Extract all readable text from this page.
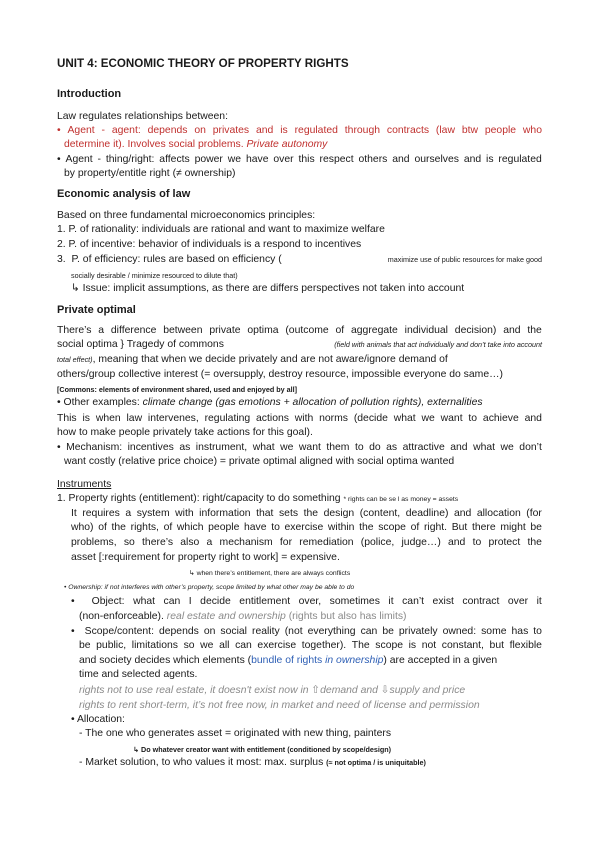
UNIT 4: ECONOMIC THEORY OF PROPERTY RIGHTS
Introduction
Law regulates relationships between:
• Agent - agent: depends on privates and is regulated through contracts (law btw people who
determine it). Involves social problems. Private autonomy
• Agent - thing/right: affects power we have over this respect others and ourselves and is regulated
by property/entitle right (≠ ownership)
Economic analysis of law
Based on three fundamental microeconomics principles:
1. P. of rationality: individuals are rational and want to maximize welfare
2. P. of incentive: behavior of individuals is a respond to incentives
3.  P. of efficiency: rules are based on efficiency (	maximize use of public resources for make good
socially desirable / minimize resourced to dilute that)
↳ Issue: implicit assumptions, as there are differs perspectives not taken into account
Private optimal
There’s a difference between private optima (outcome of aggregate individual decision) and the
social optima } Tragedy of commons	(field with animals that act individually and don’t take into account
total effect), meaning that when we decide privately and are not aware/ignore demand of
others/group collective interest (= oversupply, destroy resource, impossible everyone do same…)
[Commons: elements of environment shared, used and enjoyed by all]
• Other examples: climate change (gas emotions + allocation of pollution rights), externalities
This is when law intervenes, regulating actions with norms (decide what we want to achieve and
how to make people privately take actions for this goal).
• Mechanism: incentives as instrument, what we want them to do as attractive and what we don’t
want costly (relative price choice) = private optimal aligned with social optima wanted
Instruments
1. Property rights (entitlement): right/capacity to do something * rights can be se l as money = assets
It requires a system with information that sets the design (content, deadline) and allocation (for
who) of the rights, of which people have to exercise within the scope of right. But there might be
problems, so there’s also a mechanism for remediation (police, judge…) and to protect the
asset [:requirement for property right to work] = expensive.
↳ when there’s entitlement, there are always conflicts
• Ownership: if not interferes with other’s property, scope limited by what other may be able to do
• Object: what can I decide entitlement over, sometimes it can’t exist contract over it
(non-enforceable). real estate and ownership (rights but also has limits)
• Scope/content: depends on social reality (not everything can be privately owned: some has to
be public, limitations so we all can exercise together). The scope is not constant, but flexible
and society decides which elements (bundle of rights in ownership) are accepted in a given
time and selected agents.
rights not to use real estate, it doesn't exist now in ⇧demand and ⇩supply and price
rights to rent short-term, it’s not free now, in market and need of license and permission
• Allocation:
- The one who generates asset = originated with new thing, painters
↳ Do whatever creator want with entitlement (conditioned by scope/design)
- Market solution, to who values it most: max. surplus (≈ not optima / is uniquitable)
